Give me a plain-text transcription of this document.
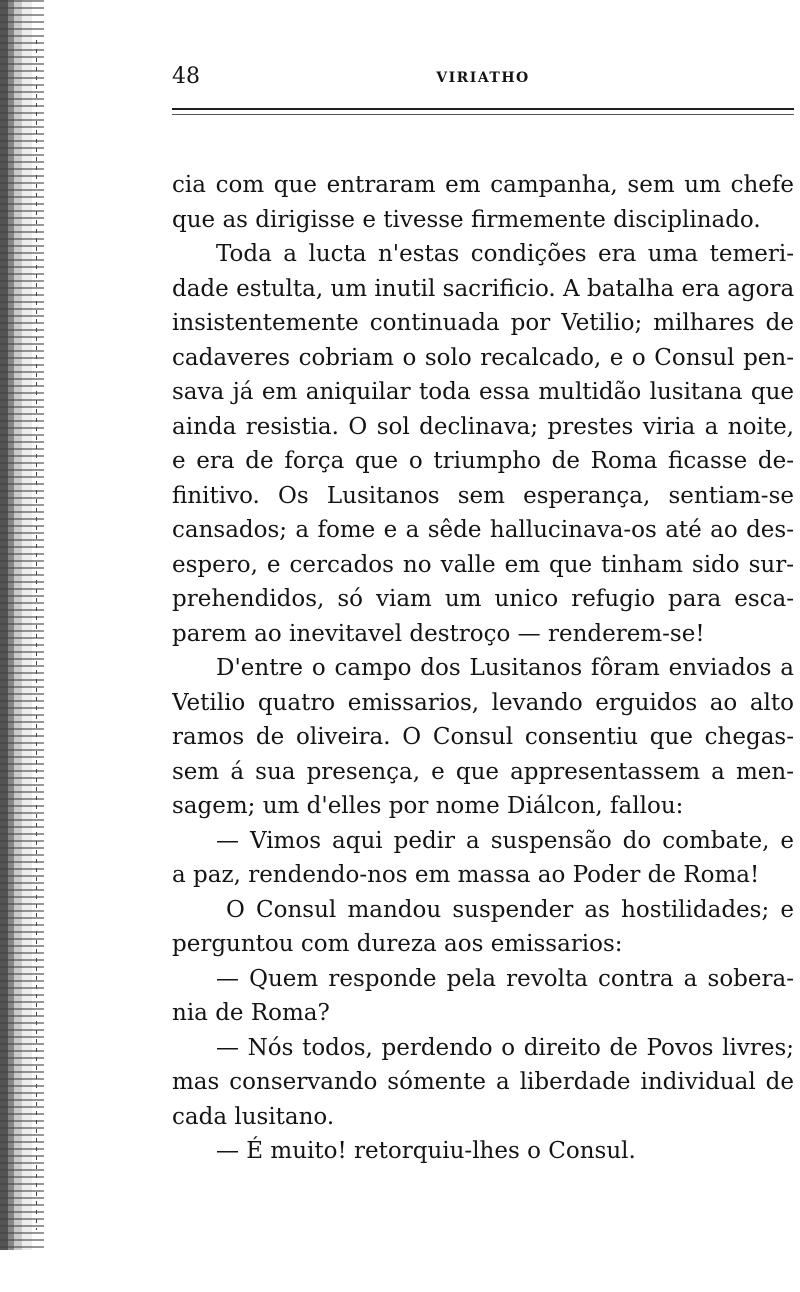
48	VIRIATHO
cia com que entraram em campanha, sem um chefe
que as dirigisse e tivesse firmemente disciplinado.
Toda a lucta n'estas condições era uma temeri-
dade estulta, um inutil sacrificio. A batalha era agora
insistentemente continuada por Vetilio; milhares de
cadaveres cobriam o solo recalcado, e o Consul pen-
sava já em aniquilar toda essa multidão lusitana que
ainda resistia. O sol declinava; prestes viria a noite,
e era de força que o triumpho de Roma ficasse de-
finitivo. Os Lusitanos sem esperança, sentiam-se
cansados; a fome e a sêde hallucinava-os até ao des-
espero, e cercados no valle em que tinham sido sur-
prehendidos, só viam um unico refugio para esca-
parem ao inevitavel destroço — renderem-se!
D'entre o campo dos Lusitanos fôram enviados a
Vetilio quatro emissarios, levando erguidos ao alto
ramos de oliveira. O Consul consentiu que chegas-
sem á sua presença, e que appresentassem a men-
sagem; um d'elles por nome Diálcon, fallou:
— Vimos aqui pedir a suspensão do combate, e
a paz, rendendo-nos em massa ao Poder de Roma!
O Consul mandou suspender as hostilidades; e
perguntou com dureza aos emissarios:
— Quem responde pela revolta contra a sobera-
nia de Roma?
— Nós todos, perdendo o direito de Povos livres;
mas conservando sómente a liberdade individual de
cada lusitano.
— É muito! retorquiu-lhes o Consul.
